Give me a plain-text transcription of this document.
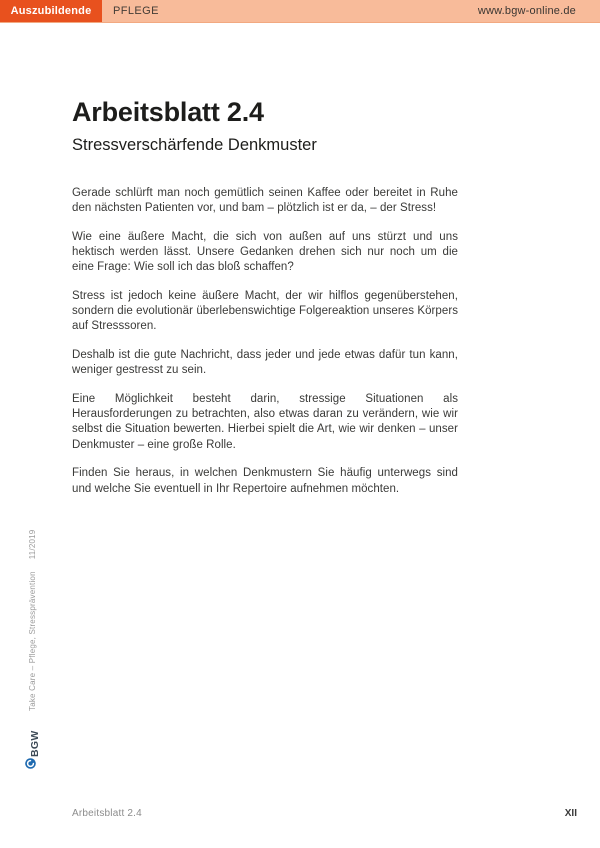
Auszubildende	PFLEGE	www.bgw-online.de
Arbeitsblatt 2.4
Stressverschärfende Denkmuster

Gerade schlürft man noch gemütlich seinen Kaffee oder bereitet in Ruhe den nächsten Patienten vor, und bam – plötzlich ist er da, – der Stress!

Wie eine äußere Macht, die sich von außen auf uns stürzt und uns hektisch werden lässt. Unsere Gedanken drehen sich nur noch um die eine Frage: Wie soll ich das bloß schaffen?

Stress ist jedoch keine äußere Macht, der wir hilflos gegenüberstehen, sondern die evolutionär überlebenswichtige Folgereaktion unseres Körpers auf Stresssoren.

Deshalb ist die gute Nachricht, dass jeder und jede etwas dafür tun kann, weniger gestresst zu sein.

Eine Möglichkeit besteht darin, stressige Situationen als Herausforderungen zu betrachten, also etwas daran zu verändern, wie wir selbst die Situation bewerten. Hierbei spielt die Art, wie wir denken – unser Denkmuster – eine große Rolle.

Finden Sie heraus, in welchen Denkmustern Sie häufig unterwegs sind und welche Sie eventuell in Ihr Repertoire aufnehmen möchten.

Take Care – Pflege, Stressprävention11/2019
BGW
Arbeitsblatt 2.4	XII
